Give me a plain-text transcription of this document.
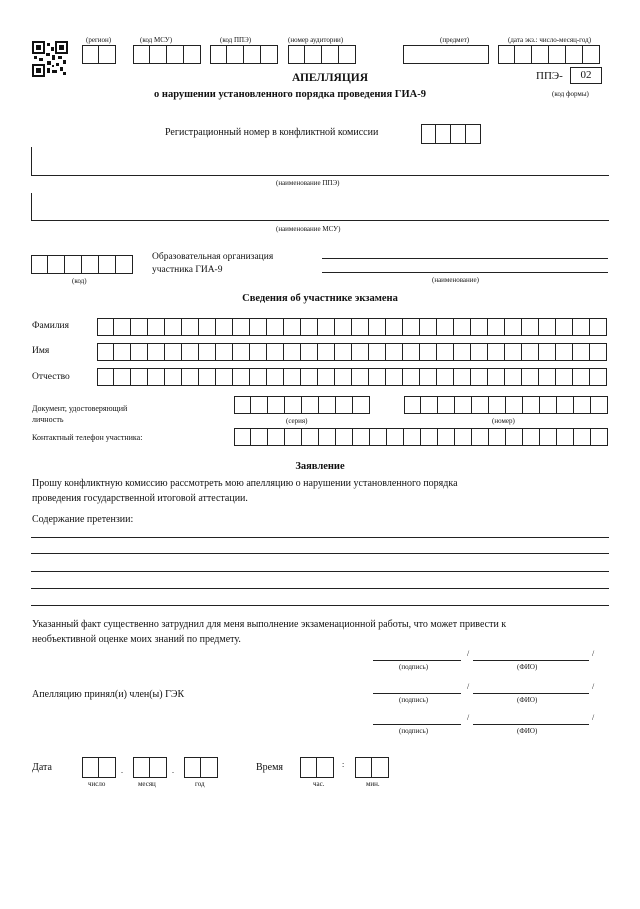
(регион)	(код МСУ)	(код ППЭ)	(номер аудитории)	(предмет)	(дата экз.: число-месяц-год)
АПЕЛЛЯЦИЯ
о нарушении установленного порядка проведения ГИА-9
ППЭ-	02
(код формы)
Регистрационный номер в конфликтной комиссии
(наименование ППЭ)
(наименование МСУ)
(код)
Образовательная организация
участника ГИА-9
(наименование)
Сведения об участнике экзамена
Фамилия
Имя
Отчество
Документ, удостоверяющий
личность	(серия)	(номер)
Контактный телефон участника:
Заявление
Прошу конфликтную комиссию рассмотреть мою апелляцию о нарушении установленного порядка
проведения государственной итоговой аттестации.
Содержание претензии:
Указанный факт существенно затруднил для меня выполнение экзаменационной работы, что может привести к
необъективной оценке моих знаний по предмету.
/	/
(подпись)	(ФИО)
Апелляцию принял(и) член(ы) ГЭК
/	/
(подпись)	(ФИО)
/	/
(подпись)	(ФИО)
Дата	.	.
число	месяц	год
Время	:
час.	мин.
